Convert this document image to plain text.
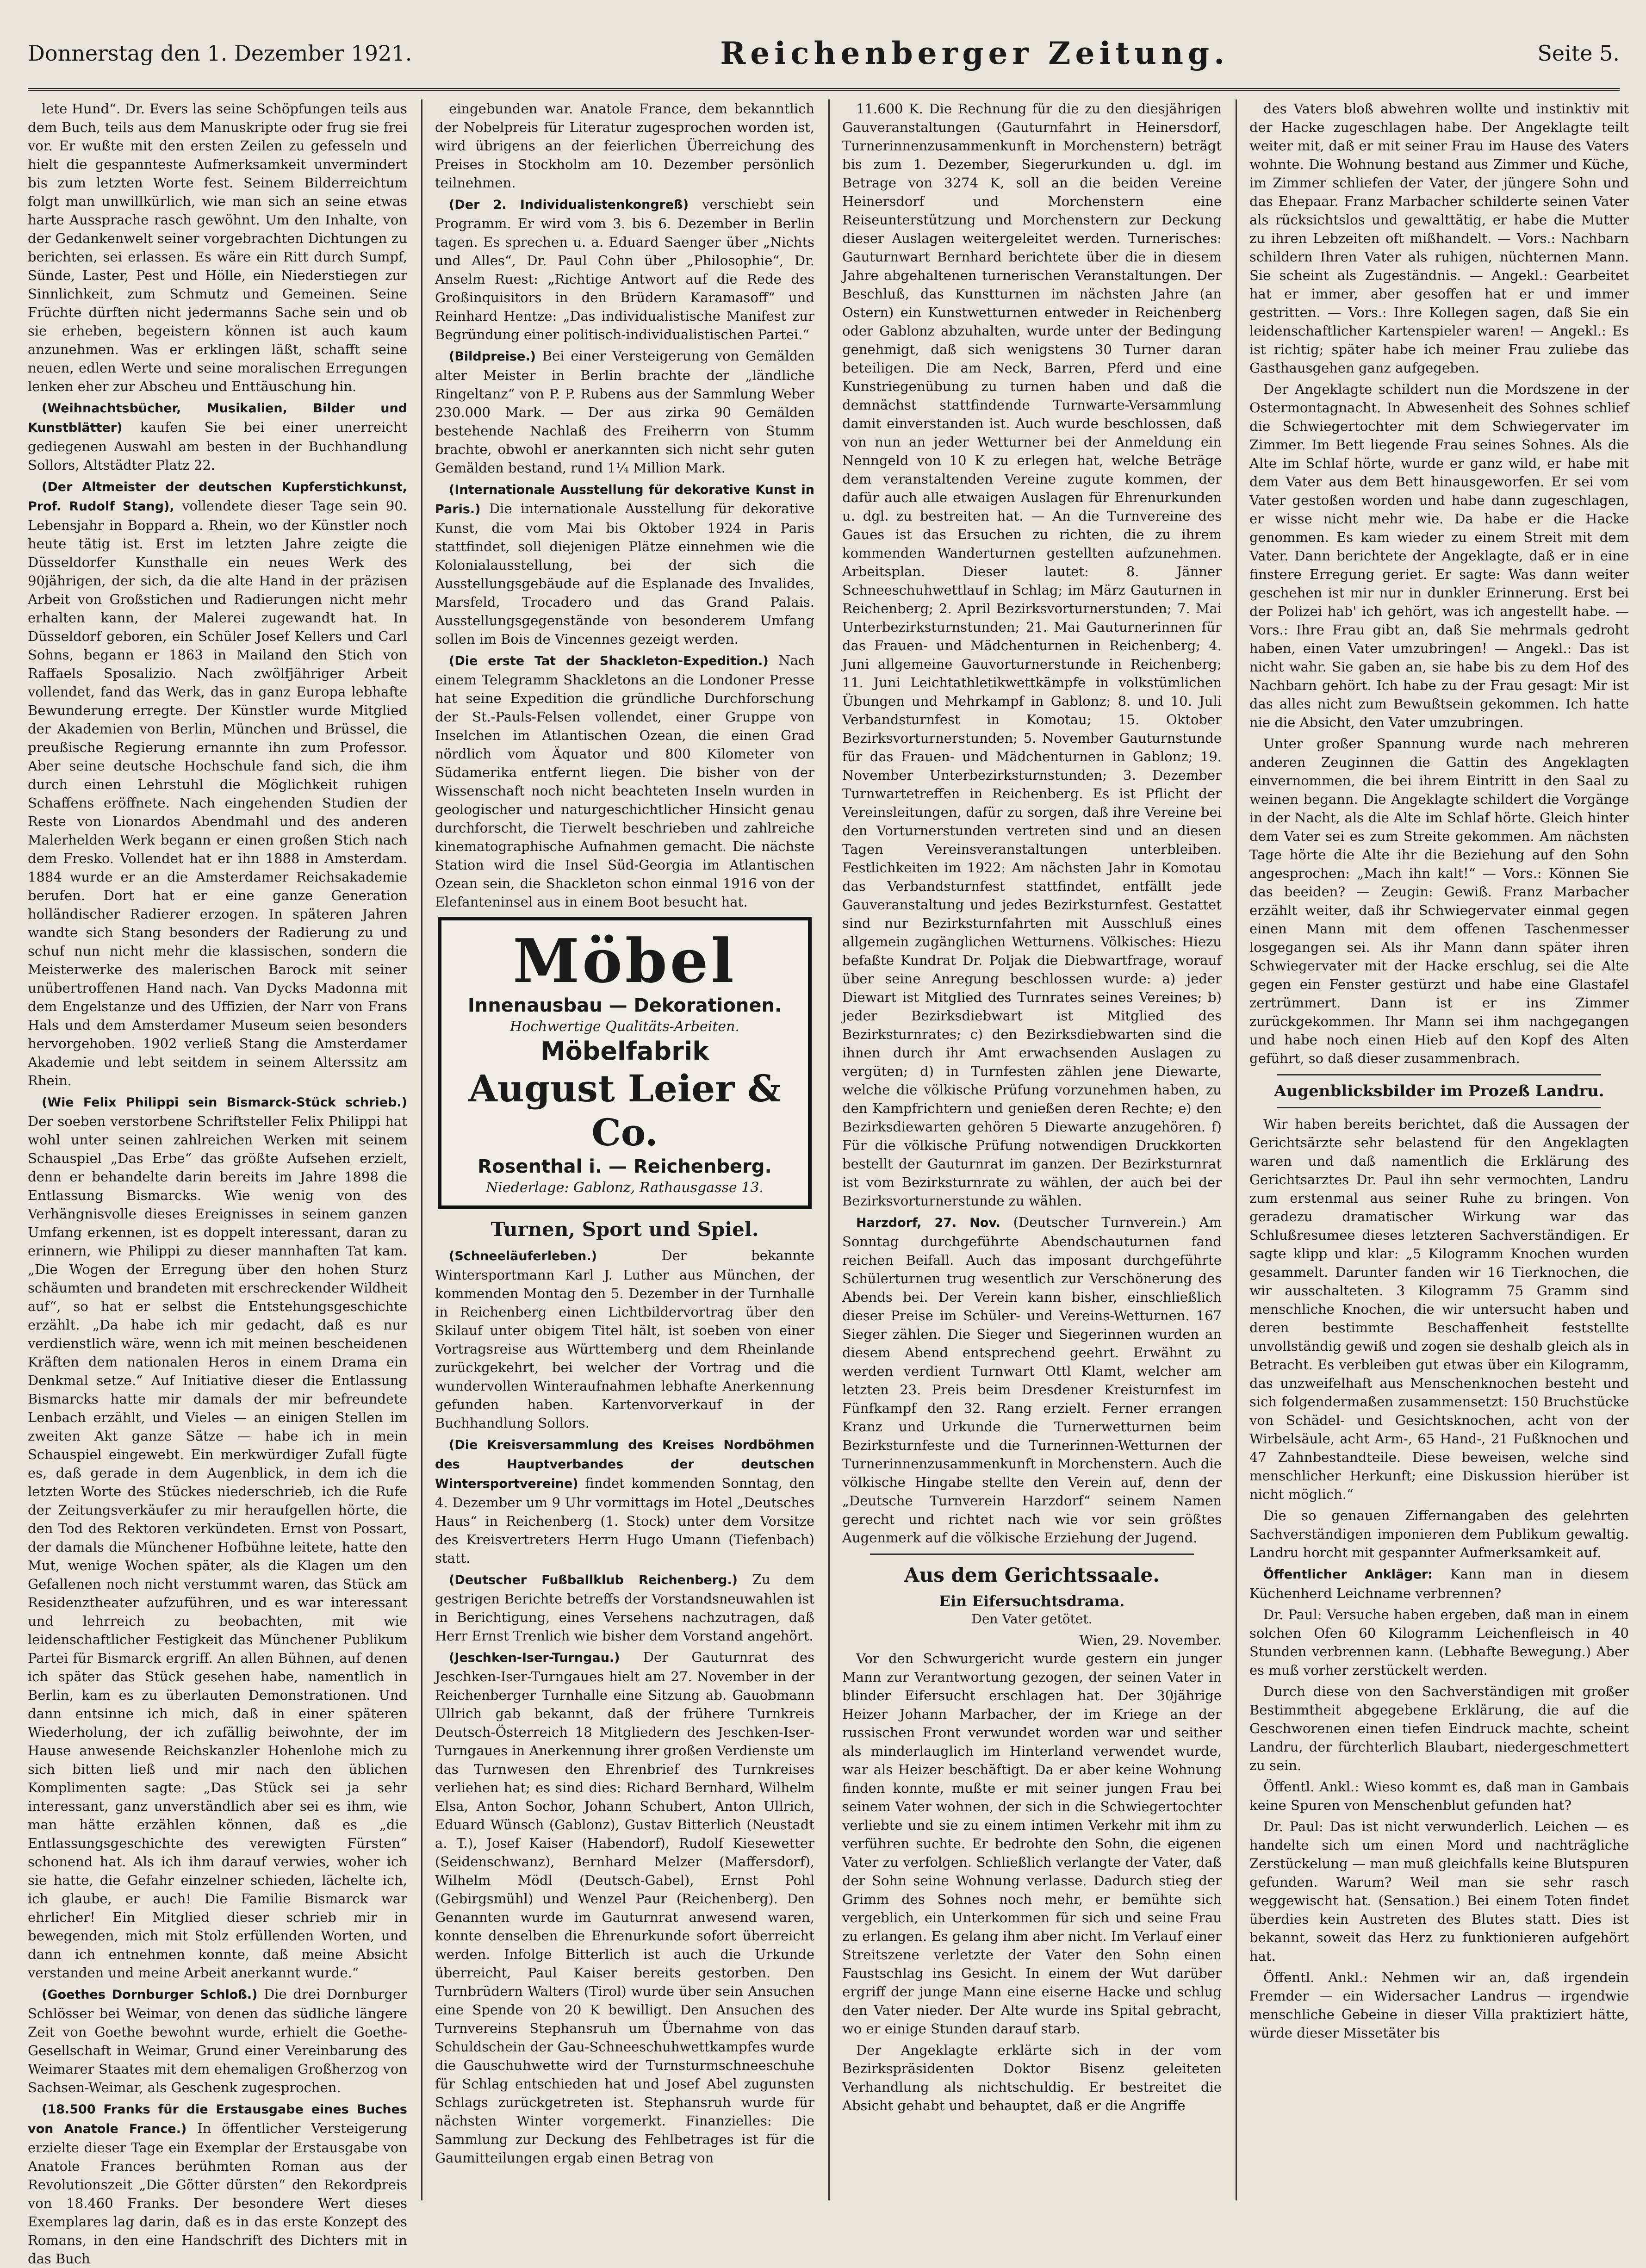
Donnerstag den 1. Dezember 1921.	Reichenberger Zeitung.	Seite 5.

lete Hund“. Dr. Evers las seine Schöpfungen teils aus dem Buch, teils aus dem Manuskripte oder frug sie frei vor. Er wußte mit den ersten Zeilen zu gefesseln und hielt die gespannteste Aufmerksamkeit unvermindert bis zum letzten Worte fest. Seinem Bilderreichtum folgt man unwillkürlich, wie man sich an seine etwas harte Aussprache rasch gewöhnt. Um den Inhalte, von der Gedankenwelt seiner vorgebrachten Dichtungen zu berichten, sei erlassen. Es wäre ein Ritt durch Sumpf, Sünde, Laster, Pest und Hölle, ein Niederstiegen zur Sinnlichkeit, zum Schmutz und Gemeinen. Seine Früchte dürften nicht jedermanns Sache sein und ob sie erheben, begeistern können ist auch kaum anzunehmen. Was er erklingen läßt, schafft seine neuen, edlen Werte und seine moralischen Erregungen lenken eher zur Abscheu und Enttäuschung hin.

(Weihnachtsbücher, Musikalien, Bilder und Kunstblätter) kaufen Sie bei einer unerreicht gediegenen Auswahl am besten in der Buchhandlung Sollors, Altstädter Platz 22.

(Der Altmeister der deutschen Kupferstichkunst, Prof. Rudolf Stang), vollendete dieser Tage sein 90. Lebensjahr in Boppard a. Rhein, wo der Künstler noch heute tätig ist. Erst im letzten Jahre zeigte die Düsseldorfer Kunsthalle ein neues Werk des 90jährigen, der sich, da die alte Hand in der präzisen Arbeit von Großstichen und Radierungen nicht mehr erhalten kann, der Malerei zugewandt hat. In Düsseldorf geboren, ein Schüler Josef Kellers und Carl Sohns, begann er 1863 in Mailand den Stich von Raffaels Sposalizio. Nach zwölfjähriger Arbeit vollendet, fand das Werk, das in ganz Europa lebhafte Bewunderung erregte. Der Künstler wurde Mitglied der Akademien von Berlin, München und Brüssel, die preußische Regierung ernannte ihn zum Professor. Aber seine deutsche Hochschule fand sich, die ihm durch einen Lehrstuhl die Möglichkeit ruhigen Schaffens eröffnete. Nach eingehenden Studien der Reste von Lionardos Abendmahl und des anderen Malerhelden Werk begann er einen großen Stich nach dem Fresko. Vollendet hat er ihn 1888 in Amsterdam. 1884 wurde er an die Amsterdamer Reichsakademie berufen. Dort hat er eine ganze Generation holländischer Radierer erzogen. In späteren Jahren wandte sich Stang besonders der Radierung zu und schuf nun nicht mehr die klassischen, sondern die Meisterwerke des malerischen Barock mit seiner unübertroffenen Hand nach. Van Dycks Madonna mit dem Engelstanze und des Uffizien, der Narr von Frans Hals und dem Amsterdamer Museum seien besonders hervorgehoben. 1902 verließ Stang die Amsterdamer Akademie und lebt seitdem in seinem Alterssitz am Rhein.

(Wie Felix Philippi sein Bismarck-Stück schrieb.) Der soeben verstorbene Schriftsteller Felix Philippi hat wohl unter seinen zahlreichen Werken mit seinem Schauspiel „Das Erbe“ das größte Aufsehen erzielt, denn er behandelte darin bereits im Jahre 1898 die Entlassung Bismarcks. Wie wenig von des Verhängnisvolle dieses Ereignisses in seinem ganzen Umfang erkennen, ist es doppelt interessant, daran zu erinnern, wie Philippi zu dieser mannhaften Tat kam. „Die Wogen der Erregung über den hohen Sturz schäumten und brandeten mit erschreckender Wildheit auf“, so hat er selbst die Entstehungsgeschichte erzählt. „Da habe ich mir gedacht, daß es nur verdienstlich wäre, wenn ich mit meinen bescheidenen Kräften dem nationalen Heros in einem Drama ein Denkmal setze.“ Auf Initiative dieser die Entlassung Bismarcks hatte mir damals der mir befreundete Lenbach erzählt, und Vieles — an einigen Stellen im zweiten Akt ganze Sätze — habe ich in mein Schauspiel eingewebt. Ein merkwürdiger Zufall fügte es, daß gerade in dem Augenblick, in dem ich die letzten Worte des Stückes niederschrieb, ich die Rufe der Zeitungsverkäufer zu mir heraufgellen hörte, die den Tod des Rektoren verkündeten. Ernst von Possart, der damals die Münchener Hofbühne leitete, hatte den Mut, wenige Wochen später, als die Klagen um den Gefallenen noch nicht verstummt waren, das Stück am Residenztheater aufzuführen, und es war interessant und lehrreich zu beobachten, mit wie leidenschaftlicher Festigkeit das Münchener Publikum Partei für Bismarck ergriff. An allen Bühnen, auf denen ich später das Stück gesehen habe, namentlich in Berlin, kam es zu überlauten Demonstrationen. Und dann entsinne ich mich, daß in einer späteren Wiederholung, der ich zufällig beiwohnte, der im Hause anwesende Reichskanzler Hohenlohe mich zu sich bitten ließ und mir nach den üblichen Komplimenten sagte: „Das Stück sei ja sehr interessant, ganz unverständlich aber sei es ihm, wie man hätte erzählen können, daß es „die Entlassungsgeschichte des verewigten Fürsten“ schonend hat. Als ich ihm darauf verwies, woher ich sie hatte, die Gefahr einzelner schieden, lächelte ich, ich glaube, er auch! Die Familie Bismarck war ehrlicher! Ein Mitglied dieser schrieb mir in bewegenden, mich mit Stolz erfüllenden Worten, und dann ich entnehmen konnte, daß meine Absicht verstanden und meine Arbeit anerkannt wurde.“

(Goethes Dornburger Schloß.) Die drei Dornburger Schlösser bei Weimar, von denen das südliche längere Zeit von Goethe bewohnt wurde, erhielt die Goethe-Gesellschaft in Weimar, Grund einer Vereinbarung des Weimarer Staates mit dem ehemaligen Großherzog von Sachsen-Weimar, als Geschenk zugesprochen.

(18.500 Franks für die Erstausgabe eines Buches von Anatole France.) In öffentlicher Versteigerung erzielte dieser Tage ein Exemplar der Erstausgabe von Anatole Frances berühmten Roman aus der Revolutionszeit „Die Götter dürsten“ den Rekordpreis von 18.460 Franks. Der besondere Wert dieses Exemplares lag darin, daß es in das erste Konzept des Romans, in den eine Handschrift des Dichters mit in das Buch

eingebunden war. Anatole France, dem bekanntlich der Nobelpreis für Literatur zugesprochen worden ist, wird übrigens an der feierlichen Überreichung des Preises in Stockholm am 10. Dezember persönlich teilnehmen.

(Der 2. Individualistenkongreß) verschiebt sein Programm. Er wird vom 3. bis 6. Dezember in Berlin tagen. Es sprechen u. a. Eduard Saenger über „Nichts und Alles“, Dr. Paul Cohn über „Philosophie“, Dr. Anselm Ruest: „Richtige Antwort auf die Rede des Großinquisitors in den Brüdern Karamasoff“ und Reinhard Hentze: „Das individualistische Manifest zur Begründung einer politisch-individualistischen Partei.“

(Bildpreise.) Bei einer Versteigerung von Gemälden alter Meister in Berlin brachte der „ländliche Ringeltanz“ von P. P. Rubens aus der Sammlung Weber 230.000 Mark. — Der aus zirka 90 Gemälden bestehende Nachlaß des Freiherrn von Stumm brachte, obwohl er anerkannten sich nicht sehr guten Gemälden bestand, rund 1¼ Million Mark.

(Internationale Ausstellung für dekorative Kunst in Paris.) Die internationale Ausstellung für dekorative Kunst, die vom Mai bis Oktober 1924 in Paris stattfindet, soll diejenigen Plätze einnehmen wie die Kolonialausstellung, bei der sich die Ausstellungsgebäude auf die Esplanade des Invalides, Marsfeld, Trocadero und das Grand Palais. Ausstellungsgegenstände von besonderem Umfang sollen im Bois de Vincennes gezeigt werden.

(Die erste Tat der Shackleton-Expedition.) Nach einem Telegramm Shackletons an die Londoner Presse hat seine Expedition die gründliche Durchforschung der St.-Pauls-Felsen vollendet, einer Gruppe von Inselchen im Atlantischen Ozean, die einen Grad nördlich vom Äquator und 800 Kilometer von Südamerika entfernt liegen. Die bisher von der Wissenschaft noch nicht beachteten Inseln wurden in geologischer und naturgeschichtlicher Hinsicht genau durchforscht, die Tierwelt beschrieben und zahlreiche kinematographische Aufnahmen gemacht. Die nächste Station wird die Insel Süd-Georgia im Atlantischen Ozean sein, die Shackleton schon einmal 1916 von der Elefanteninsel aus in einem Boot besucht hat.

Möbel
Innenausbau — Dekorationen.
Hochwertige Qualitäts-Arbeiten.
Möbelfabrik
August Leier & Co.
Rosenthal i. — Reichenberg.
Niederlage: Gablonz, Rathausgasse 13.
Turnen, Sport und Spiel.

(Schneeläuferleben.)	Der bekannte Wintersportmann Karl J. Luther aus München, der kommenden Montag den 5. Dezember in der Turnhalle in Reichenberg einen Lichtbildervortrag über den Skilauf unter obigem Titel hält, ist soeben von einer Vortragsreise aus Württemberg und dem Rheinlande zurückgekehrt, bei welcher der Vortrag und die wundervollen Winteraufnahmen lebhafte Anerkennung gefunden haben. Kartenvorverkauf in der Buchhandlung Sollors.

(Die Kreisversammlung des Kreises Nordböhmen des Hauptverbandes der deutschen Wintersportvereine) findet kommenden Sonntag, den 4. Dezember um 9 Uhr vormittags im Hotel „Deutsches Haus“ in Reichenberg (1. Stock) unter dem Vorsitze des Kreisvertreters Herrn Hugo Umann (Tiefenbach) statt.

(Deutscher Fußballklub Reichenberg.) Zu dem gestrigen Berichte betreffs der Vorstandsneuwahlen ist in Berichtigung, eines Versehens nachzutragen, daß Herr Ernst Trenlich wie bisher dem Vorstand angehört.

(Jeschken-Iser-Turngau.) Der Gauturnrat des Jeschken-Iser-Turngaues hielt am 27. November in der Reichenberger Turnhalle eine Sitzung ab. Gauobmann Ullrich gab bekannt, daß der frühere Turnkreis Deutsch-Österreich 18 Mitgliedern des Jeschken-Iser-Turngaues in Anerkennung ihrer großen Verdienste um das Turnwesen den Ehrenbrief des Turnkreises verliehen hat; es sind dies: Richard Bernhard, Wilhelm Elsa, Anton Sochor, Johann Schubert, Anton Ullrich, Eduard Wünsch (Gablonz), Gustav Bitterlich (Neustadt a. T.), Josef Kaiser (Habendorf), Rudolf Kiesewetter (Seidenschwanz), Bernhard Melzer (Maffersdorf), Wilhelm Mödl (Deutsch-Gabel), Ernst Pohl (Gebirgsmühl) und Wenzel Paur (Reichenberg). Den Genannten wurde im Gauturnrat anwesend waren, konnte denselben die Ehrenurkunde sofort überreicht werden. Infolge Bitterlich ist auch die Urkunde überreicht, Paul Kaiser bereits gestorben. Den Turnbrüdern Walters (Tirol) wurde über sein Ansuchen eine Spende von 20 K bewilligt. Den Ansuchen des Turnvereins Stephansruh um Übernahme von das Schuldschein der Gau-Schneeschuhwettkampfes wurde die Gauschuhwette wird der Turnsturmschneeschuhe für Schlag entschieden hat und Josef Abel zugunsten Schlags zurückgetreten ist. Stephansruh wurde für nächsten Winter vorgemerkt. Finanzielles: Die Sammlung zur Deckung des Fehlbetrages ist für die Gaumitteilungen ergab einen Betrag von

11.600 K. Die Rechnung für die zu den diesjährigen Gauveranstaltungen (Gauturnfahrt in Heinersdorf, Turnerinnenzusammenkunft in Morchenstern) beträgt bis zum 1. Dezember, Siegerurkunden u. dgl. im Betrage von 3274 K, soll an die beiden Vereine Heinersdorf und Morchenstern eine Reiseunterstützung und Morchenstern zur Deckung dieser Auslagen weitergeleitet werden. Turnerisches: Gauturnwart Bernhard berichtete über die in diesem Jahre abgehaltenen turnerischen Veranstaltungen. Der Beschluß, das Kunstturnen im nächsten Jahre (an Ostern) ein Kunstwetturnen entweder in Reichenberg oder Gablonz abzuhalten, wurde unter der Bedingung genehmigt, daß sich wenigstens 30 Turner daran beteiligen. Die am Neck, Barren, Pferd und eine Kunstriegenübung zu turnen haben und daß die demnächst stattfindende Turnwarte-Versammlung damit einverstanden ist. Auch wurde beschlossen, daß von nun an jeder Wetturner bei der Anmeldung ein Nenngeld von 10 K zu erlegen hat, welche Beträge dem veranstaltenden Vereine zugute kommen, der dafür auch alle etwaigen Auslagen für Ehrenurkunden u. dgl. zu bestreiten hat. — An die Turnvereine des Gaues ist das Ersuchen zu richten, die zu ihrem kommenden Wanderturnen gestellten aufzunehmen. Arbeitsplan. Dieser lautet: 8. Jänner Schneeschuhwettlauf in Schlag; im März Gauturnen in Reichenberg; 2. April Bezirksvorturnerstunden; 7. Mai Unterbezirksturnstunden; 21. Mai Gauturnerinnen für das Frauen- und Mädchenturnen in Reichenberg; 4. Juni allgemeine Gauvorturnerstunde in Reichenberg; 11. Juni Leichtathletikwettkämpfe in volkstümlichen Übungen und Mehrkampf in Gablonz; 8. und 10. Juli Verbandsturnfest in Komotau; 15. Oktober Bezirksvorturnerstunden; 5. November Gauturnstunde für das Frauen- und Mädchenturnen in Gablonz; 19. November Unterbezirksturnstunden; 3. Dezember Turnwartetreffen in Reichenberg. Es ist Pflicht der Vereinsleitungen, dafür zu sorgen, daß ihre Vereine bei den Vorturnerstunden vertreten sind und an diesen Tagen Vereinsveranstaltungen unterbleiben. Festlichkeiten im 1922: Am nächsten Jahr in Komotau das Verbandsturnfest stattfindet, entfällt jede Gauveranstaltung und jedes Bezirksturnfest. Gestattet sind nur Bezirksturnfahrten mit Ausschluß eines allgemein zugänglichen Wetturnens. Völkisches: Hiezu befaßte Kundrat Dr. Poljak die Diebwartfrage, worauf über seine Anregung beschlossen wurde: a) jeder Diewart ist Mitglied des Turnrates seines Vereines; b) jeder Bezirksdiebwart ist Mitglied des Bezirksturnrates; c) den Bezirksdiebwarten sind die ihnen durch ihr Amt erwachsenden Auslagen zu vergüten; d) in Turnfesten zählen jene Diewarte, welche die völkische Prüfung vorzunehmen haben, zu den Kampfrichtern und genießen deren Rechte; e) den Bezirksdiewarten gehören 5 Diewarte anzugehören. f) Für die völkische Prüfung notwendigen Druckkorten bestellt der Gauturnrat im ganzen. Der Bezirksturnrat ist vom Bezirksturnrate zu wählen, der auch bei der Bezirksvorturnerstunde zu wählen.

Harzdorf, 27. Nov. (Deutscher Turnverein.) Am Sonntag durchgeführte Abendschauturnen fand reichen Beifall. Auch das imposant durchgeführte Schülerturnen trug wesentlich zur Verschönerung des Abends bei. Der Verein kann bisher, einschließlich dieser Preise im Schüler- und Vereins-Wetturnen. 167 Sieger zählen. Die Sieger und Siegerinnen wurden an diesem Abend entsprechend geehrt. Erwähnt zu werden verdient Turnwart Ottl Klamt, welcher am letzten 23. Preis beim Dresdener Kreisturnfest im Fünfkampf den 32. Rang erzielt. Ferner errangen Kranz und Urkunde die Turnerwetturnen beim Bezirksturnfeste und die Turnerinnen-Wetturnen der Turnerinnenzusammenkunft in Morchenstern. Auch die völkische Hingabe stellte den Verein auf, denn der „Deutsche Turnverein Harzdorf“ seinem Namen gerecht und richtet nach wie vor sein größtes Augenmerk auf die völkische Erziehung der Jugend.

Aus dem Gerichtssaale.
Ein Eifersuchtsdrama.
Den Vater getötet.
Wien, 29. November.

Vor den Schwurgericht wurde gestern ein junger Mann zur Verantwortung gezogen, der seinen Vater in blinder Eifersucht erschlagen hat. Der 30jährige Heizer Johann Marbacher, der im Kriege an der russischen Front verwundet worden war und seither als minderlauglich im Hinterland verwendet wurde, war als Heizer beschäftigt. Da er aber keine Wohnung finden konnte, mußte er mit seiner jungen Frau bei seinem Vater wohnen, der sich in die Schwiegertochter verliebte und sie zu einem intimen Verkehr mit ihm zu verführen suchte. Er bedrohte den Sohn, die eigenen Vater zu verfolgen. Schließlich verlangte der Vater, daß der Sohn seine Wohnung verlasse. Dadurch stieg der Grimm des Sohnes noch mehr, er bemühte sich vergeblich, ein Unterkommen für sich und seine Frau zu erlangen. Es gelang ihm aber nicht. Im Verlauf einer Streitszene verletzte der Vater den Sohn einen Faustschlag ins Gesicht. In einem der Wut darüber ergriff der junge Mann eine eiserne Hacke und schlug den Vater nieder. Der Alte wurde ins Spital gebracht, wo er einige Stunden darauf starb.

Der Angeklagte erklärte sich in der vom Bezirkspräsidenten Doktor Bisenz geleiteten Verhandlung als nichtschuldig. Er bestreitet die Absicht gehabt und behauptet, daß er die Angriffe

des Vaters bloß abwehren wollte und instinktiv mit der Hacke zugeschlagen habe. Der Angeklagte teilt weiter mit, daß er mit seiner Frau im Hause des Vaters wohnte. Die Wohnung bestand aus Zimmer und Küche, im Zimmer schliefen der Vater, der jüngere Sohn und das Ehepaar. Franz Marbacher schilderte seinen Vater als rücksichtslos und gewalttätig, er habe die Mutter zu ihren Lebzeiten oft mißhandelt. — Vors.: Nachbarn schildern Ihren Vater als ruhigen, nüchternen Mann. Sie scheint als Zugeständnis. — Angekl.: Gearbeitet hat er immer, aber gesoffen hat er und immer gestritten. — Vors.: Ihre Kollegen sagen, daß Sie ein leidenschaftlicher Kartenspieler waren! — Angekl.: Es ist richtig; später habe ich meiner Frau zuliebe das Gasthausgehen ganz aufgegeben.

Der Angeklagte schildert nun die Mordszene in der Ostermontagnacht. In Abwesenheit des Sohnes schlief die Schwiegertochter mit dem Schwiegervater im Zimmer. Im Bett liegende Frau seines Sohnes. Als die Alte im Schlaf hörte, wurde er ganz wild, er habe mit dem Vater aus dem Bett hinausgeworfen. Er sei vom Vater gestoßen worden und habe dann zugeschlagen, er wisse nicht mehr wie. Da habe er die Hacke genommen. Es kam wieder zu einem Streit mit dem Vater. Dann berichtete der Angeklagte, daß er in eine finstere Erregung geriet. Er sagte: Was dann weiter geschehen ist mir nur in dunkler Erinnerung. Erst bei der Polizei hab' ich gehört, was ich angestellt habe. — Vors.: Ihre Frau gibt an, daß Sie mehrmals gedroht haben, einen Vater umzubringen! — Angekl.: Das ist nicht wahr. Sie gaben an, sie habe bis zu dem Hof des Nachbarn gehört. Ich habe zu der Frau gesagt: Mir ist das alles nicht zum Bewußtsein gekommen. Ich hatte nie die Absicht, den Vater umzubringen.

Unter großer Spannung wurde nach mehreren anderen Zeuginnen die Gattin des Angeklagten einvernommen, die bei ihrem Eintritt in den Saal zu weinen begann. Die Angeklagte schildert die Vorgänge in der Nacht, als die Alte im Schlaf hörte. Gleich hinter dem Vater sei es zum Streite gekommen. Am nächsten Tage hörte die Alte ihr die Beziehung auf den Sohn angesprochen: „Mach ihn kalt!“ — Vors.: Können Sie das beeiden? — Zeugin: Gewiß. Franz Marbacher erzählt weiter, daß ihr Schwiegervater einmal gegen einen Mann mit dem offenen Taschenmesser losgegangen sei. Als ihr Mann dann später ihren Schwiegervater mit der Hacke erschlug, sei die Alte gegen ein Fenster gestürzt und habe eine Glastafel zertrümmert. Dann ist er ins Zimmer zurückgekommen. Ihr Mann sei ihm nachgegangen und habe noch einen Hieb auf den Kopf des Alten geführt, so daß dieser zusammenbrach.

Augenblicksbilder im Prozeß Landru.

Wir haben bereits berichtet, daß die Aussagen der Gerichtsärzte sehr belastend für den Angeklagten waren und daß namentlich die Erklärung des Gerichtsarztes Dr. Paul ihn sehr vermochten, Landru zum erstenmal aus seiner Ruhe zu bringen. Von geradezu dramatischer Wirkung war das Schlußresumee dieses letzteren Sachverständigen. Er sagte klipp und klar: „5 Kilogramm Knochen wurden gesammelt. Darunter fanden wir 16 Tierknochen, die wir ausschalteten. 3 Kilogramm 75 Gramm sind menschliche Knochen, die wir untersucht haben und deren bestimmte Beschaffenheit feststellte unvollständig gewiß und zogen sie deshalb gleich als in Betracht. Es verbleiben gut etwas über ein Kilogramm, das unzweifelhaft aus Menschenknochen besteht und sich folgendermaßen zusammensetzt: 150 Bruchstücke von Schädel- und Gesichtsknochen, acht von der Wirbelsäule, acht Arm-, 65 Hand-, 21 Fußknochen und 47 Zahnbestandteile. Diese beweisen, welche sind menschlicher Herkunft; eine Diskussion hierüber ist nicht möglich.“

Die so genauen Ziffernangaben des gelehrten Sachverständigen imponieren dem Publikum gewaltig. Landru horcht mit gespannter Aufmerksamkeit auf.

Öffentlicher Ankläger: Kann man in diesem Küchenherd Leichname verbrennen?

Dr. Paul: Versuche haben ergeben, daß man in einem solchen Ofen 60 Kilogramm Leichenfleisch in 40 Stunden verbrennen kann. (Lebhafte Bewegung.) Aber es muß vorher zerstückelt werden.

Durch diese von den Sachverständigen mit großer Bestimmtheit abgegebene Erklärung, die auf die Geschworenen einen tiefen Eindruck machte, scheint Landru, der fürchterlich Blaubart, niedergeschmettert zu sein.

Öffentl. Ankl.: Wieso kommt es, daß man in Gambais keine Spuren von Menschenblut gefunden hat?

Dr. Paul: Das ist nicht verwunderlich. Leichen — es handelte sich um einen Mord und nachträgliche Zerstückelung — man muß gleichfalls keine Blutspuren gefunden. Warum? Weil man sie sehr rasch weggewischt hat. (Sensation.) Bei einem Toten findet überdies kein Austreten des Blutes statt. Dies ist bekannt, soweit das Herz zu funktionieren aufgehört hat.

Öffentl. Ankl.: Nehmen wir an, daß irgendein Fremder — ein Widersacher Landrus — irgendwie menschliche Gebeine in dieser Villa praktiziert hätte, würde dieser Missetäter bis
